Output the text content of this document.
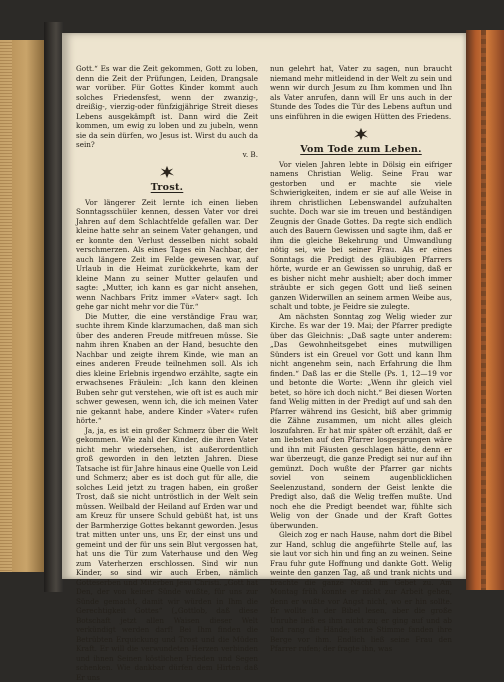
Gott.“ Es war die Zeit gekommen, Gott zu loben, denn die Zeit der Prüfungen, Leiden, Drangsale war vorüber. Für Gottes Kinder kommt auch solches Friedensfest, wenn der zwanzig-, dreißig-, vierzig-oder fünfzigjährige Streit dieses Lebens ausgekämpft ist. Dann wird die Zeit kommen, um ewig zu loben und zu jubeln, wenn sie da sein dürfen, wo Jesus ist. Wirst du auch da sein?

v. B.

Trost.

Vor längerer Zeit lernte ich einen lieben Sonntagsschüler kennen, dessen Vater vor drei Jahren auf dem Schlachtfelde gefallen war. Der kleine hatte sehr an seinem Vater gehangen, und er konnte den Verlust desselben nicht sobald verschmerzen. Als eines Tages ein Nachbar, der auch längere Zeit im Felde gewesen war, auf Urlaub in die Heimat zurückkehrte, kam der kleine Mann zu seiner Mutter gelaufen und sagte: „Mutter, ich kann es gar nicht ansehen, wenn Nachbars Fritz immer »Vater« sagt. Ich gehe gar nicht mehr vor die Tür.“

Die Mutter, die eine verständige Frau war, suchte ihrem Kinde klarzumachen, daß man sich über des anderen Freude mitfreuen müsse. Sie nahm ihren Knaben an der Hand, besuchte den Nachbar und zeigte ihrem Kinde, wie man an eines anderen Freude teilnehmen soll. Als ich dies kleine Erlebnis irgendwo erzählte, sagte ein erwachsenes Fräulein: „Ich kann den kleinen Buben sehr gut verstehen, wie oft ist es auch mir schwer gewesen, wenn ich, die ich meinen Vater nie gekannt habe, andere Kinder »Vater« rufen hörte.“

Ja, ja, es ist ein großer Schmerz über die Welt gekommen. Wie zahl der Kinder, die ihren Vater nicht mehr wiedersehen, ist außerordentlich groß geworden in den letzten Jahren. Diese Tatsache ist für Jahre hinaus eine Quelle von Leid und Schmerz; aber es ist doch gut für alle, die solches Leid jetzt zu tragen haben, ein großer Trost, daß sie nicht untröstlich in der Welt sein müssen. Weilbald der Heiland auf Erden war und am Kreuz für unsere Schuld gebüßt hat, ist uns der Barmherzige Gottes bekannt geworden. Jesus trat mitten unter uns, uns Er, der einst uns und gemeint und der für uns sein Blut vergossen hat, hat uns die Tür zum Vaterhause und den Weg zum Vaterherzen erschlossen. Sind wir nun Kinder, so sind wir auch Erben, nämlich Gotteserben und Miterben Jesu Christi. „Gott hat Den, der von keiner Sünde wußte, für uns zur Sünde gemacht, damit wir würden in Ihm die Gerechtigkeit Gottes“ („Gottlob, daß diese Botschaft jetzt allen Waisen dieser Welt verkündigt werden darf! Bei Ihm finden die Betrübten Erquickung und Trost und die Müden Kraft. Er will die verwundeten Herzen verbinden und ihnen Seinen köstlichen Frieden und Segen schenken. Wie dankbar dürfen dem Hirten daß Er uns

nun gelehrt hat, Vater zu sagen, nun braucht niemand mehr mitleidend in der Welt zu sein und wenn wir durch Jesum zu Ihm kommen und Ihn als Vater anrufen, dann will Er uns auch in der Stunde des Todes die Tür des Lebens auftun und uns einführen in die ewigen Hütten des Friedens.

Vom Tode zum Leben.

Vor vielen Jahren lebte in Dölsig ein eifriger namens Christian Welig. Seine Frau war gestorben und er machte sie viele Schwierigkeiten, indem er sie auf alle Weise in ihrem christlichen Lebenswandel aufzuhalten suchte. Doch war sie im treuen und beständigen Zeugnis der Gnade Gottes. Da regte sich endlich auch des Bauern Gewissen und sagte ihm, daß er ihm die gleiche Bekehrung und Umwandlung nötig sei, wie bei seiner Frau. Als er eines Sonntags die Predigt des gläubigen Pfarrers hörte, wurde er an Gewissen so unruhig, daß er es bisher nicht mehr aushielt; aber doch immer sträubte er sich gegen Gott und ließ seinen ganzen Widerwillen an seinem armen Weibe aus, schalt und tobte, je Feidre sie zulegte.

Am nächsten Sonntag zog Welig wieder zur Kirche. Es war der 19. Mai; der Pfarrer predigte über das Gleichnis: „Daß sagte unter anderem: „Das Gewohnheitsgebet eines mutwilligen Sünders ist ein Greuel vor Gott und kann Ihm nicht angenehm sein, nach Erfahrung die Ihm finden.“ Daß las er die Stelle (Ps. 1, 12—19 vor und betonte die Worte: „Wenn ihr gleich viel betet, so höre ich doch nicht.“ Bei diesen Worten fand Welig mitten in der Predigt auf und sah den Pfarrer während ins Gesicht, biß aber grimmig die Zähne zusammen, um nicht alles gleich loszufahren. Er hat mir später oft erzählt, daß er am liebsten auf den Pfarrer losgesprungen wäre und ihn mit Fäusten geschlagen hätte, denn er war überzeugt, die ganze Predigt sei nur auf ihn gemünzt. Doch wußte der Pfarrer gar nichts soviel von seinem augenblicklichen Seelenzustand, sondern der Geist lenkte die Predigt also, daß die Welig treffen mußte. Und noch ehe die Predigt beendet war, fühlte sich Welig von der Gnade und der Kraft Gottes überwunden.

Gleich zog er nach Hause, nahm dort die Bibel zur Hand, schlug die angeführte Stelle auf, las sie laut vor sich hin und fing an zu weinen. Seine Frau fuhr gute Hoffnung und dankte Gott. Welig weinte den ganzen Tag, aß und trank nichts und brachte die ganze Nacht im Gebet zu. Am Montag früh konnte er nicht zur Arbeit gehen, denn er wußte vor Angst nicht, wo er hin sollte. Er wollte in der Bibel lesen, aber die große Unruhe ließ es ihm nicht zu; er ging auf und ab und rang die Hände; seine Stimme fanden ihre Berge vor ihm. Endlich ließ seine Frau den Pfarrer rufen; der fragte ihn, was
